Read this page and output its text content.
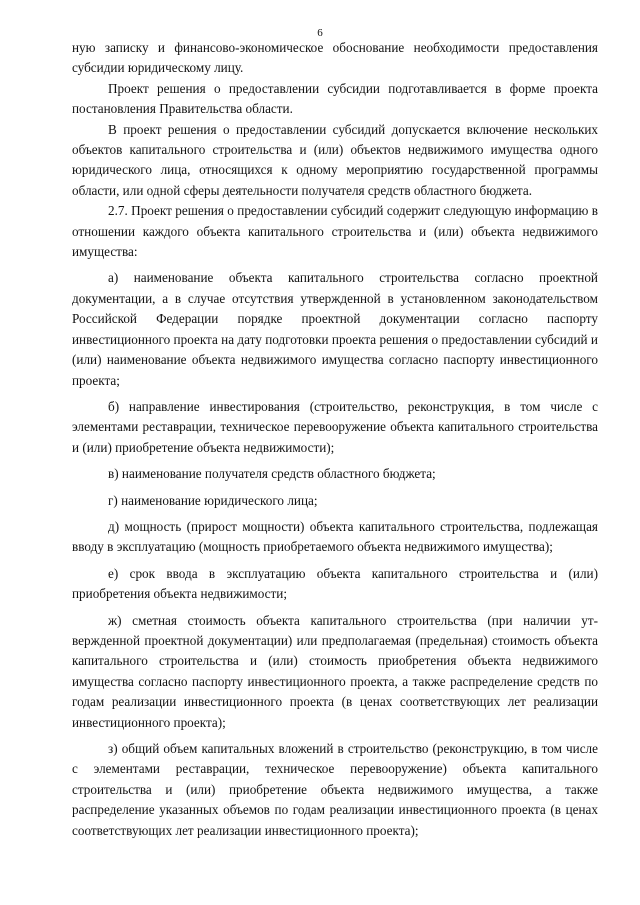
6

ную записку и финансово-экономическое обоснование необходимости предоставления субсидии юридическому лицу.

Проект решения о предоставлении субсидии подготавливается в форме проекта постановления Правительства области.

В проект решения о предоставлении субсидий допускается включение нескольких объектов капитального строительства и (или) объектов недвижимого имущества одного юридического лица, относящихся к одному мероприятию государственной программы области, или одной сферы деятельности получателя средств областного бюджета.

2.7. Проект решения о предоставлении субсидий содержит следующую информацию в отношении каждого объекта капитального строительства и (или) объекта недвижимого имущества:

а) наименование объекта капитального строительства согласно проектной документации, а в случае отсутствия утвержденной в установленном законодательством Российской Федерации порядке проектной документации согласно паспорту инвестиционного проекта на дату подготовки проекта решения о предоставлении субсидий и (или) наименование объекта недвижимого имущества согласно паспорту инвестиционного проекта;

б) направление инвестирования (строительство, реконструкция, в том числе с элементами реставрации, техническое перевооружение объекта капитального строительства и (или) приобретение объекта недвижимости);

в) наименование получателя средств областного бюджета;

г) наименование юридического лица;

д) мощность (прирост мощности) объекта капитального строительства, подлежащая вводу в эксплуатацию (мощность приобретаемого объекта недвижимого имущества);

е) срок ввода в эксплуатацию объекта капитального строительства и (или) приобретения объекта недвижимости;

ж) сметная стоимость объекта капитального строительства (при наличии утвержденной проектной документации) или предполагаемая (предельная) стоимость объекта капитального строительства и (или) стоимость приобретения объекта недвижимого имущества согласно паспорту инвестиционного проекта, а также распределение средств по годам реализации инвестиционного проекта (в ценах соответствующих лет реализации инвестиционного проекта);

з) общий объем капитальных вложений в строительство (реконструкцию, в том числе с элементами реставрации, техническое перевооружение) объекта капитального строительства и (или) приобретение объекта недвижимого имущества, а также распределение указанных объемов по годам реализации инвестиционного проекта (в ценах соответствующих лет реализации инвестиционного проекта);
